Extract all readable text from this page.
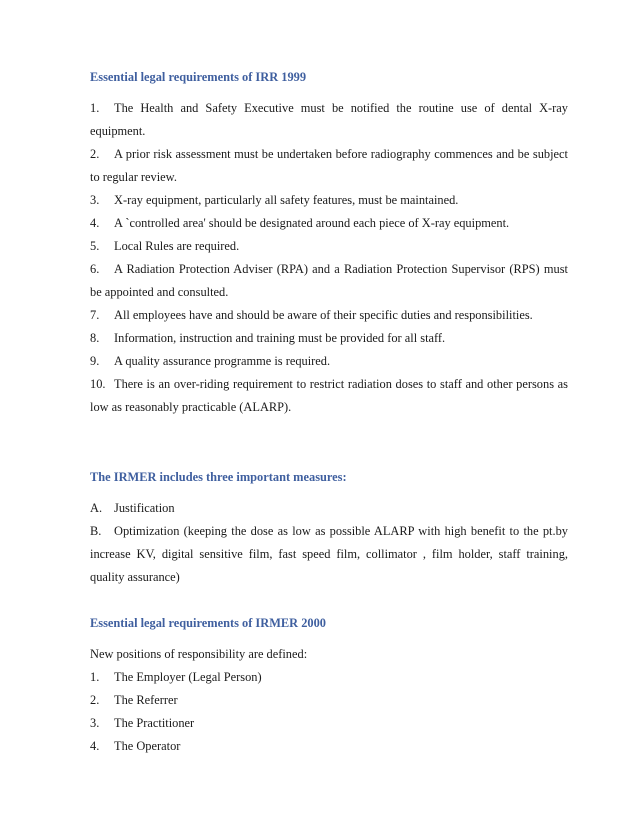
Essential legal requirements of IRR 1999

1. The Health and Safety Executive must be notified the routine use of dental X-ray equipment.

2. A prior risk assessment must be undertaken before radiography commences and be subject to regular review.

3. X-ray equipment, particularly all safety features, must be maintained.

4. A `controlled area' should be designated around each piece of X-ray equipment.

5. Local Rules are required.

6. A Radiation Protection Adviser (RPA) and a Radiation Protection Supervisor (RPS) must be appointed and consulted.

7. All employees have and should be aware of their specific duties and responsibilities.

8. Information, instruction and training must be provided for all staff.

9. A quality assurance programme is required.

10. There is an over-riding requirement to restrict radiation doses to staff and other persons as low as reasonably practicable (ALARP).

The IRMER includes three important measures:

A. Justification

B. Optimization (keeping the dose as low as possible ALARP with high benefit to the pt.by increase KV, digital sensitive film, fast speed film, collimator , film holder, staff training, quality assurance)

Essential legal requirements of IRMER 2000

New positions of responsibility are defined:

1. The Employer (Legal Person)

2. The Referrer

3. The Practitioner

4. The Operator
